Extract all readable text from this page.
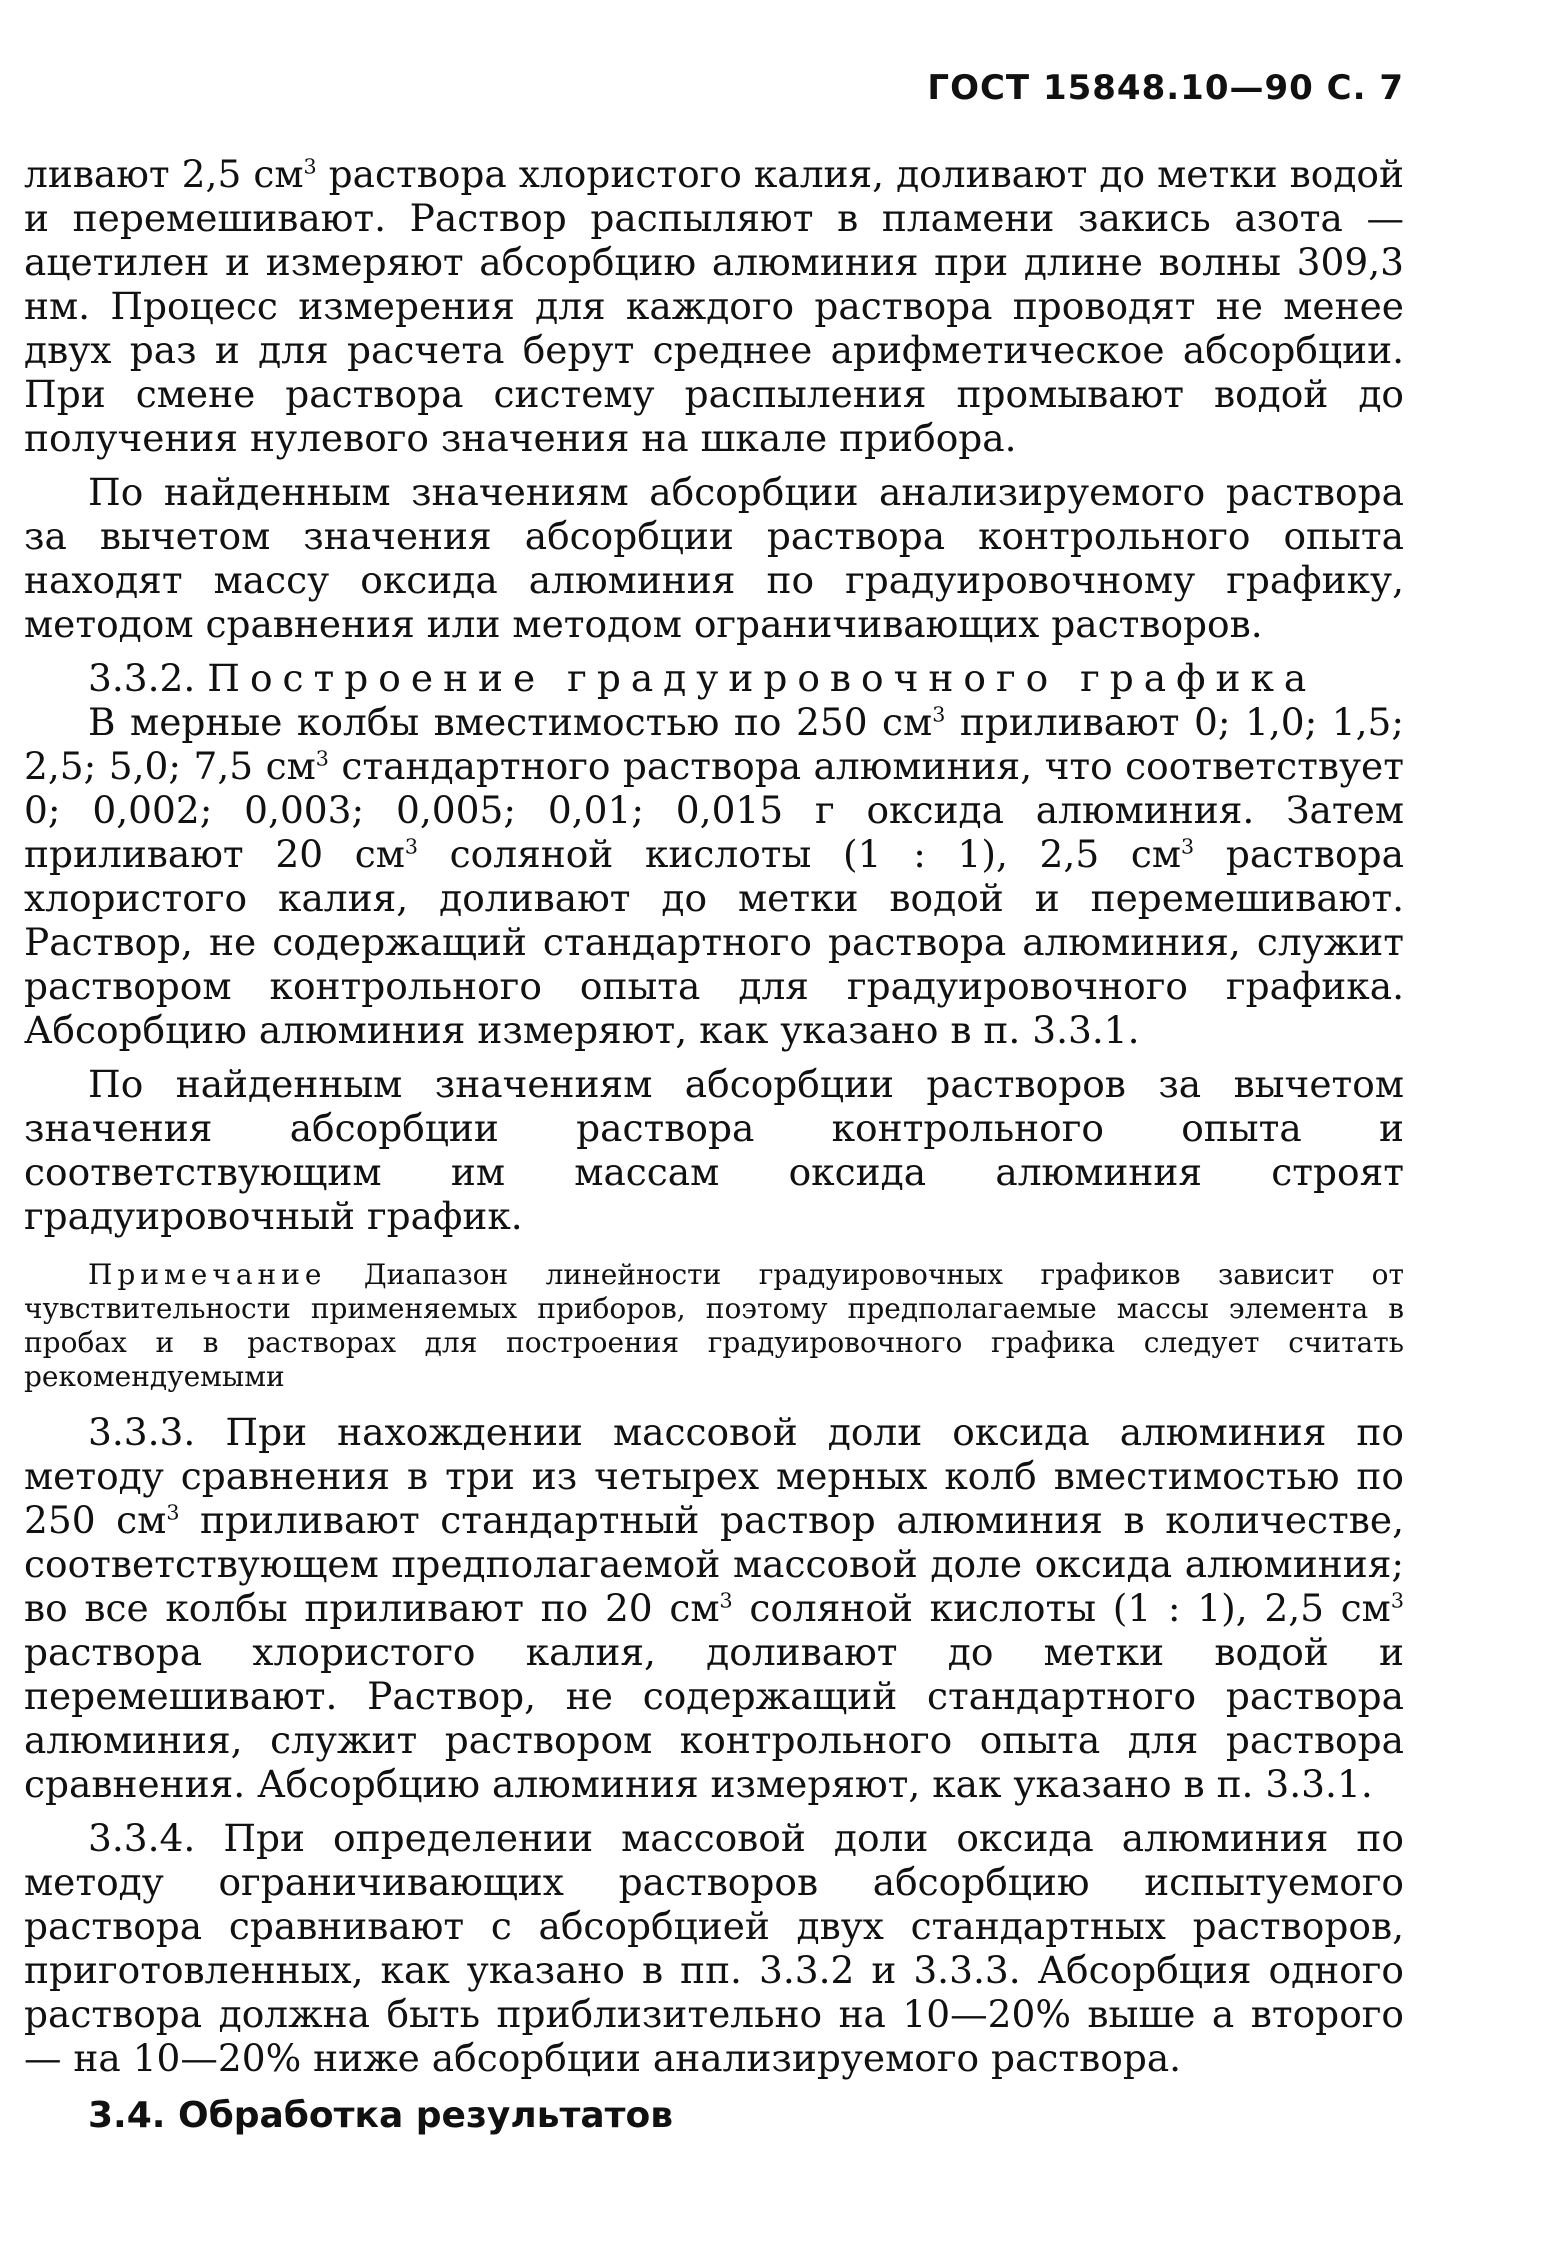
ГОСТ 15848.10—90 С. 7

ливают 2,5 $см^3$ раствора хлористого калия, доливают до метки водой и перемешивают. Раствор распыляют в пламени закись азота — ацетилен и измеряют абсорбцию алюминия при длине волны 309,3 нм. Процесс измерения для каждого раствора проводят не менее двух раз и для расчета берут среднее арифметическое абсорбции. При смене раствора систему распыления промывают водой до получения нулевого значения на шкале прибора.

По найденным значениям абсорбции анализируемого раствора за вычетом значения абсорбции раствора контрольного опыта находят массу оксида алюминия по градуировочному графику, методом сравнения или методом ограничивающих растворов.

3.3.2. Построение градуировочного графика

В мерные колбы вместимостью по 250 $см^3$ приливают 0; 1,0; 1,5; 2,5; 5,0; 7,5 $см^3$ стандартного раствора алюминия, что соответствует 0; 0,002; 0,003; 0,005; 0,01; 0,015 г оксида алюминия. Затем приливают 20 $см^3$ соляной кислоты (1 : 1), 2,5 $см^3$ раствора хлористого калия, доливают до метки водой и перемешивают. Раствор, не содержащий стандартного раствора алюминия, служит раствором контрольного опыта для градуировочного графика. Абсорбцию алюминия измеряют, как указано в п. 3.3.1.

По найденным значениям абсорбции растворов за вычетом значения абсорбции раствора контрольного опыта и соответствующим им массам оксида алюминия строят градуировочный график.

Примечание Диапазон линейности градуировочных графиков зависит от чувствительности применяемых приборов, поэтому предполагаемые массы элемента в пробах и в растворах для построения градуировочного графика следует считать рекомендуемыми

3.3.3. При нахождении массовой доли оксида алюминия по методу сравнения в три из четырех мерных колб вместимостью по 250 $см^3$ приливают стандартный раствор алюминия в количестве, соответствующем предполагаемой массовой доле оксида алюминия; во все колбы приливают по 20 $см^3$ соляной кислоты (1 : 1), 2,5 $см^3$ раствора хлористого калия, доливают до метки водой и перемешивают. Раствор, не содержащий стандартного раствора алюминия, служит раствором контрольного опыта для раствора сравнения. Абсорбцию алюминия измеряют, как указано в п. 3.3.1.

3.3.4. При определении массовой доли оксида алюминия по методу ограничивающих растворов абсорбцию испытуемого раствора сравнивают с абсорбцией двух стандартных растворов, приготовленных, как указано в пп. 3.3.2 и 3.3.3. Абсорбция одного раствора должна быть приблизительно на 10—20% выше а второго — на 10—20% ниже абсорбции анализируемого раствора.

3.4. Обработка результатов
